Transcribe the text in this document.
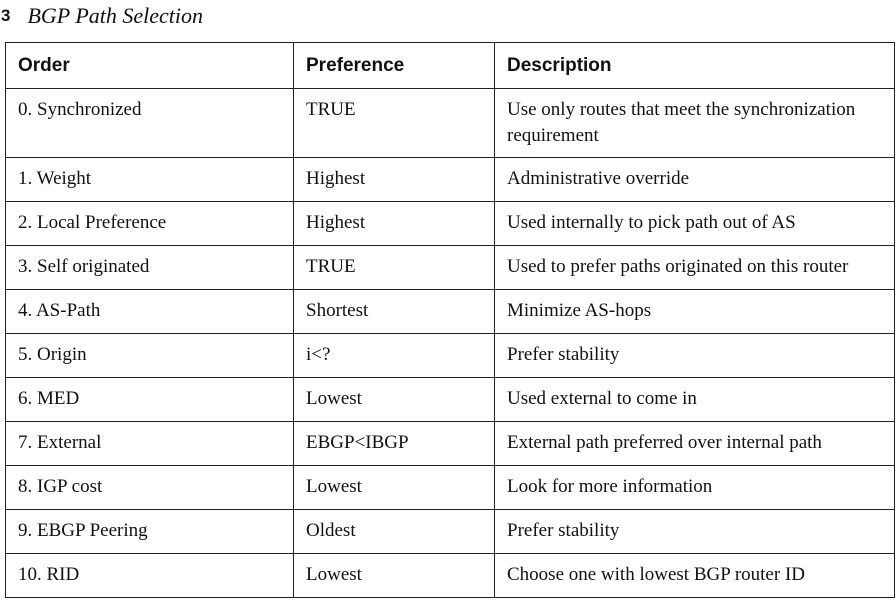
3 BGP Path Selection
Order	Preference	Description
0. Synchronized	TRUE	Use only routes that meet the synchronization requirement
1. Weight	Highest	Administrative override
2. Local Preference	Highest	Used internally to pick path out of AS
3. Self originated	TRUE	Used to prefer paths originated on this router
4. AS-Path	Shortest	Minimize AS-hops
5. Origin	i<?	Prefer stability
6. MED	Lowest	Used external to come in
7. External	EBGP<IBGP	External path preferred over internal path
8. IGP cost	Lowest	Look for more information
9. EBGP Peering	Oldest	Prefer stability
10. RID	Lowest	Choose one with lowest BGP router ID
